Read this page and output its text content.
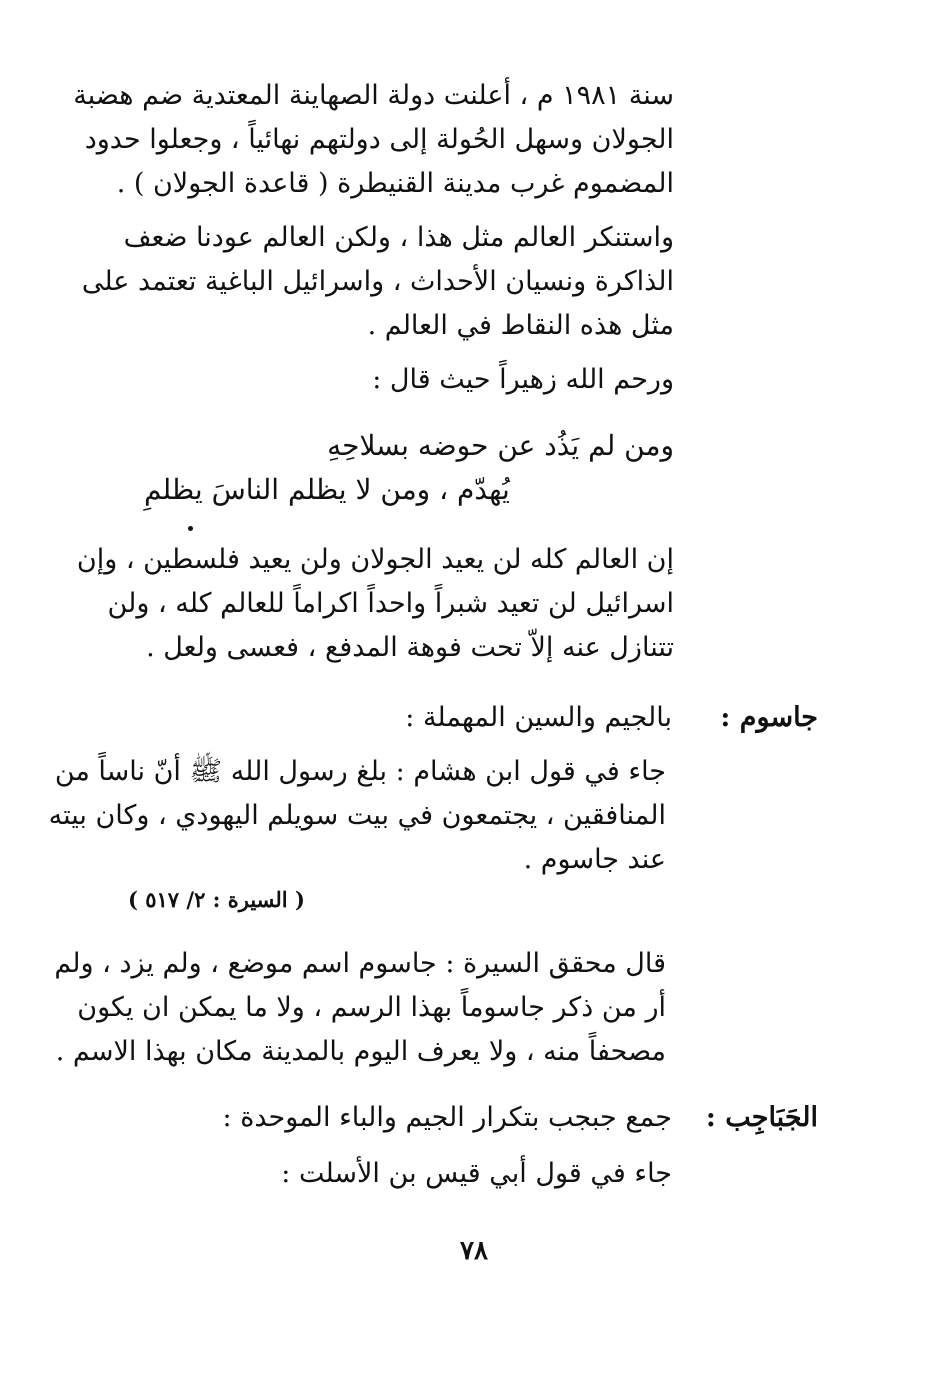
سنة ١٩٨١ م ، أعلنت دولة الصهاينة المعتدية ضم هضبة
الجولان وسهل الحُولة إلى دولتهم نهائياً ، وجعلوا حدود
المضموم غرب مدينة القنيطرة ( قاعدة الجولان ) .
واستنكر العالم مثل هذا ، ولكن العالم عودنا ضعف
الذاكرة ونسيان الأحداث ، واسرائيل الباغية تعتمد على
مثل هذه النقاط في العالم .
ورحم الله زهيراً حيث قال :
ومن لم يَذُد عن حوضه بسلاحِهِ
يُهدّم ، ومن لا يظلم الناسَ يظلمِ
إن العالم كله لن يعيد الجولان ولن يعيد فلسطين ، وإن
اسرائيل لن تعيد شبراً واحداً اكراماً للعالم كله ، ولن
تتنازل عنه إلاّ تحت فوهة المدفع ، فعسى ولعل .
جاسوم :
بالجيم والسين المهملة :
جاء في قول ابن هشام : بلغ رسول الله ﷺ أنّ ناساً من
المنافقين ، يجتمعون في بيت سويلم اليهودي ، وكان بيته
عند جاسوم .
( السيرة : ٢/ ٥١٧ )
قال محقق السيرة : جاسوم اسم موضع ، ولم يزد ، ولم
أر من ذكر جاسوماً بهذا الرسم ، ولا ما يمكن ان يكون
مصحفاً منه ، ولا يعرف اليوم بالمدينة مكان بهذا الاسم .
الجَبَاجِب :
جمع جبجب بتكرار الجيم والباء الموحدة :
جاء في قول أبي قيس بن الأسلت :
٧٨
